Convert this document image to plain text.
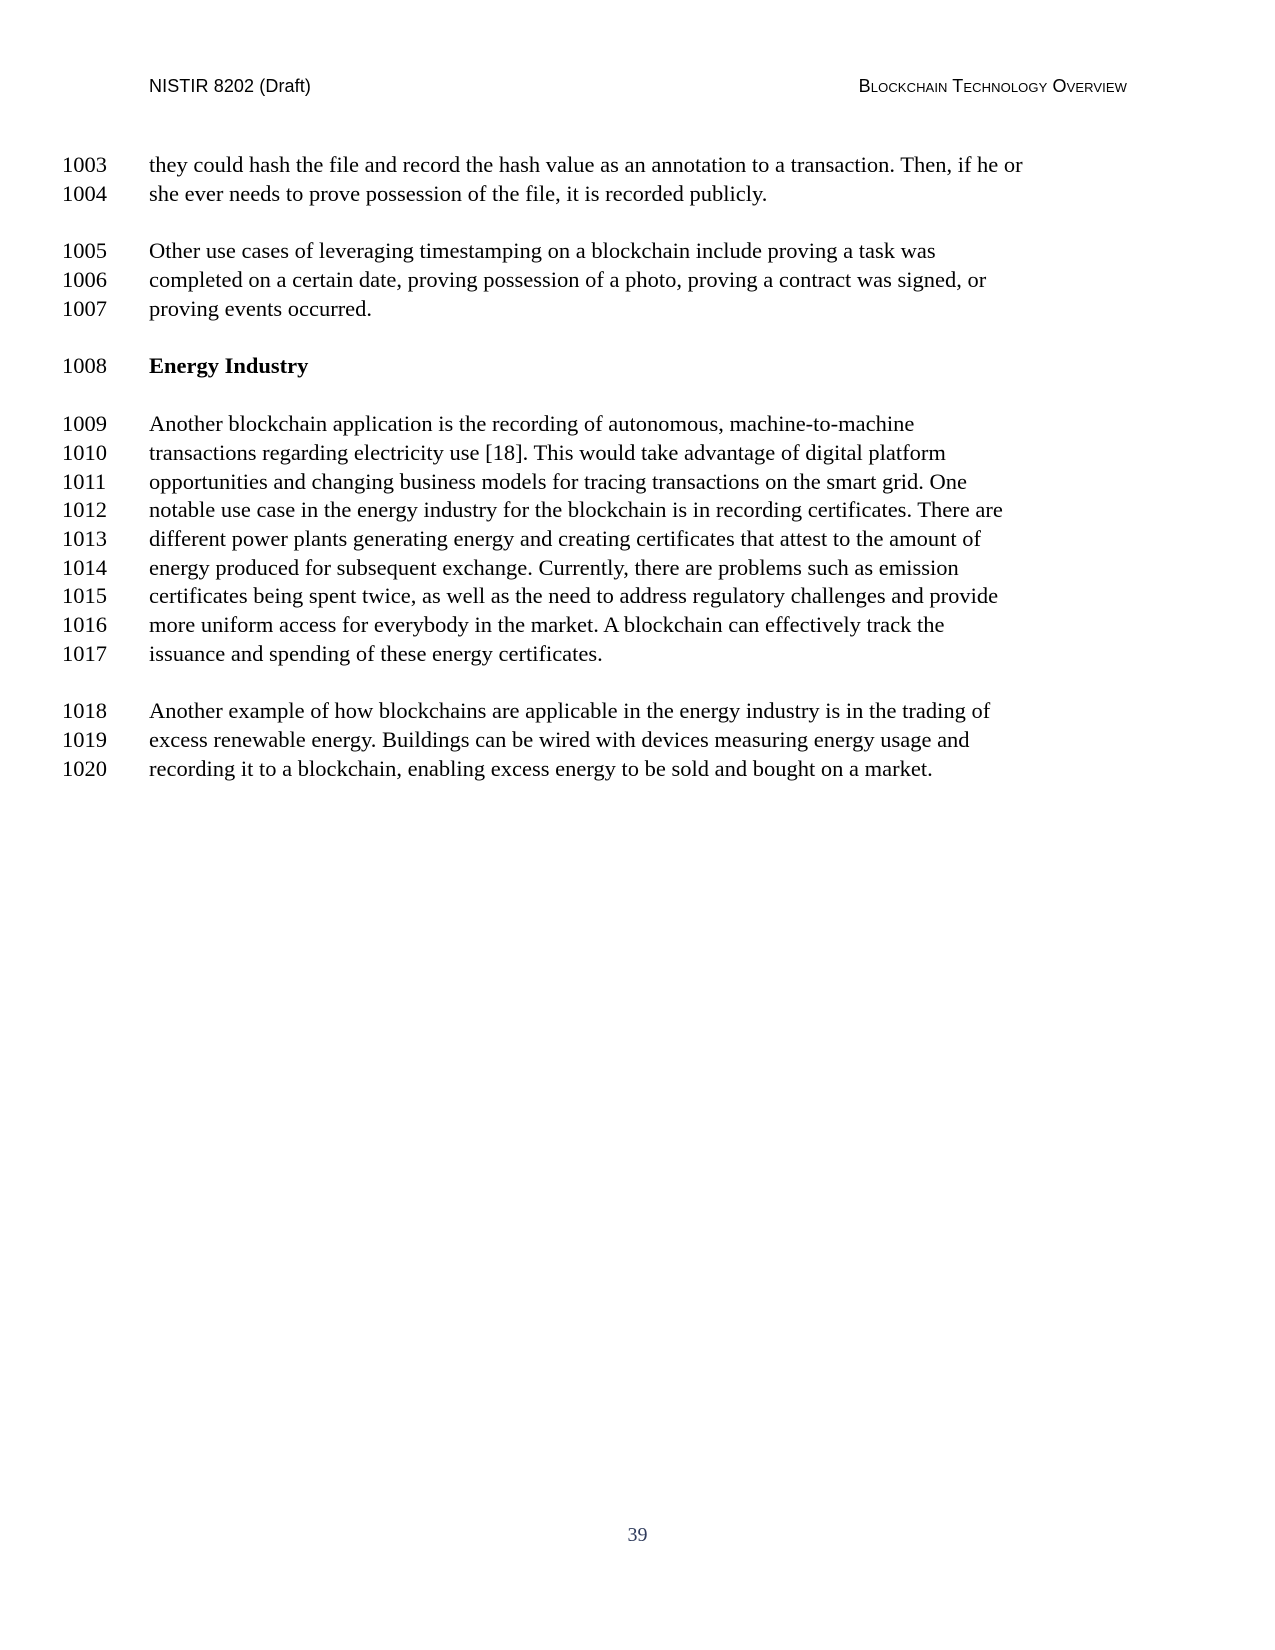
NISTIR 8202 (Draft)	Blockchain Technology Overview
1003	they could hash the file and record the hash value as an annotation to a transaction. Then, if he or
1004	she ever needs to prove possession of the file, it is recorded publicly.
1005	Other use cases of leveraging timestamping on a blockchain include proving a task was
1006	completed on a certain date, proving possession of a photo, proving a contract was signed, or
1007	proving events occurred.
1008	Energy Industry
1009	Another blockchain application is the recording of autonomous, machine-to-machine
1010	transactions regarding electricity use [18]. This would take advantage of digital platform
1011	opportunities and changing business models for tracing transactions on the smart grid. One
1012	notable use case in the energy industry for the blockchain is in recording certificates. There are
1013	different power plants generating energy and creating certificates that attest to the amount of
1014	energy produced for subsequent exchange. Currently, there are problems such as emission
1015	certificates being spent twice, as well as the need to address regulatory challenges and provide
1016	more uniform access for everybody in the market. A blockchain can effectively track the
1017	issuance and spending of these energy certificates.
1018	Another example of how blockchains are applicable in the energy industry is in the trading of
1019	excess renewable energy. Buildings can be wired with devices measuring energy usage and
1020	recording it to a blockchain, enabling excess energy to be sold and bought on a market.
39
